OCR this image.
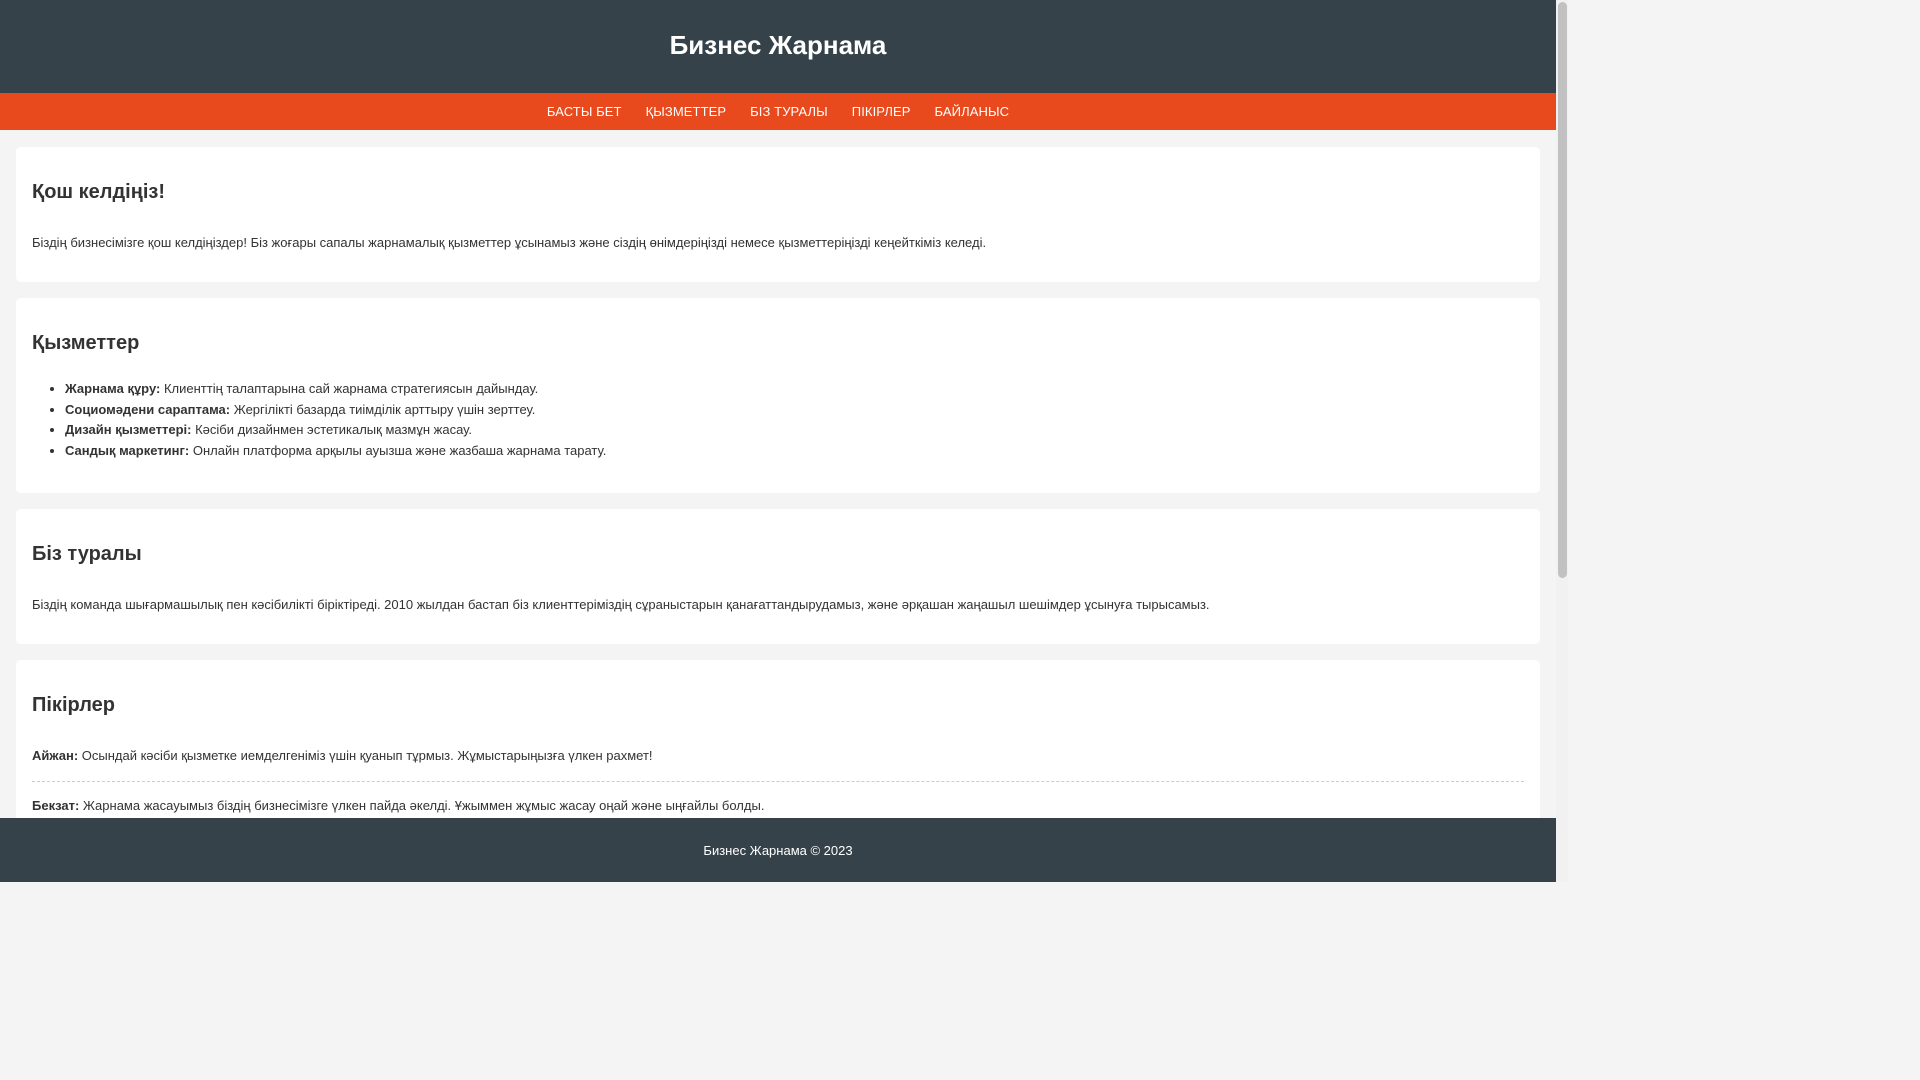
Бизнес Жарнама
БАСТЫ БЕТ ҚЫЗМЕТТЕР БІЗ ТУРАЛЫ ПІКІРЛЕР БАЙЛАНЫС
Қош келдіңіз!

Біздің бизнесімізге қош келдіңіздер! Біз жоғары сапалы жарнамалық қызметтер ұсынамыз және сіздің өнімдеріңізді немесе қызметтеріңізді кеңейткіміз келеді.

Қызметтер
• Жарнама құру: Клиенттің талаптарына сай жарнама стратегиясын дайындау.
• Социомәдени сараптама: Жергілікті базарда тиімділік арттыру үшін зерттеу.
• Дизайн қызметтері: Кәсіби дизайнмен эстетикалық мазмұн жасау.
• Сандық маркетинг: Онлайн платформа арқылы ауызша және жазбаша жарнама тарату.
Біз туралы

Біздің команда шығармашылық пен кәсібилікті біріктіреді. 2010 жылдан бастап біз клиенттеріміздің сұраныстарын қанағаттандырудамыз, және әрқашан жаңашыл шешімдер ұсынуға тырысамыз.

Пікірлер
Айжан: Осындай кәсіби қызметке иемделгеніміз үшін қуанып тұрмыз. Жұмыстарыңызға үлкен рахмет!
Бекзат: Жарнама жасауымыз біздің бизнесімізге үлкен пайда әкелді. Ұжыммен жұмыс жасау оңай және ыңғайлы болды.
Бизнес Жарнама © 2023
